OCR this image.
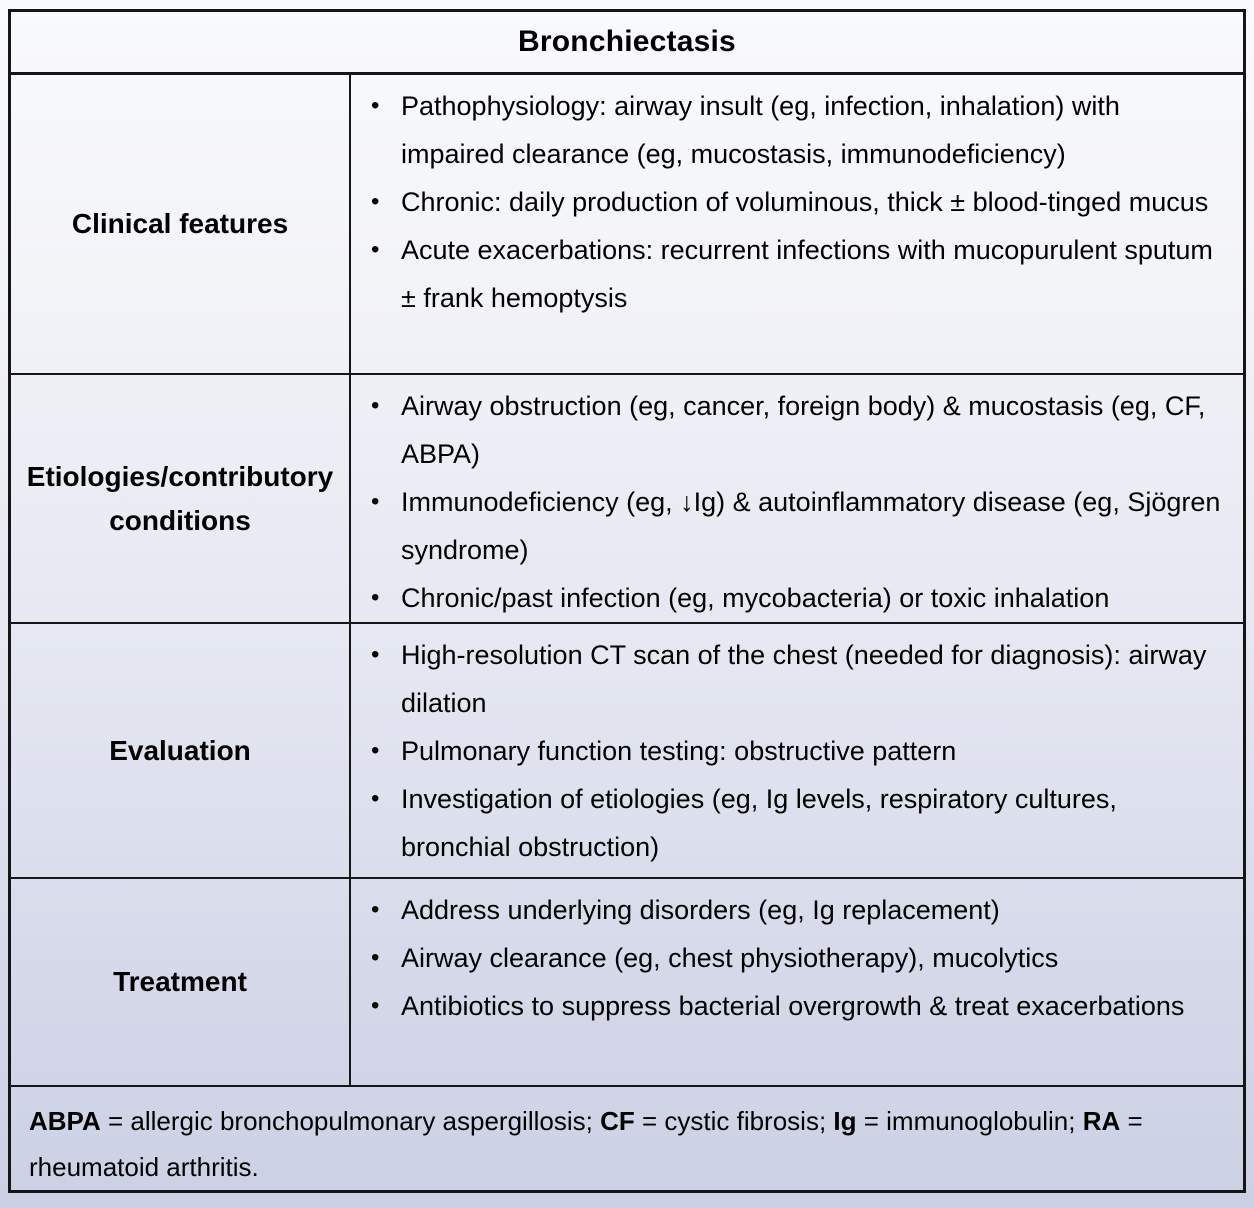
Bronchiectasis
Clinical features
• Pathophysiology: airway insult (eg, infection, inhalation) with impaired clearance (eg, mucostasis, immunodeficiency)
• Chronic: daily production of voluminous, thick ± blood-tinged mucus
• Acute exacerbations: recurrent infections with mucopurulent sputum ± frank hemoptysis
Etiologies/contributory conditions
• Airway obstruction (eg, cancer, foreign body) & mucostasis (eg, CF, ABPA)
• Immunodeficiency (eg, ↓Ig) & autoinflammatory disease (eg, Sjögren syndrome)
• Chronic/past infection (eg, mycobacteria) or toxic inhalation
Evaluation
• High-resolution CT scan of the chest (needed for diagnosis): airway dilation
• Pulmonary function testing: obstructive pattern
• Investigation of etiologies (eg, Ig levels, respiratory cultures, bronchial obstruction)
Treatment
• Address underlying disorders (eg, Ig replacement)
• Airway clearance (eg, chest physiotherapy), mucolytics
• Antibiotics to suppress bacterial overgrowth & treat exacerbations
ABPA = allergic bronchopulmonary aspergillosis; CF = cystic fibrosis; Ig = immunoglobulin; RA = rheumatoid arthritis.
